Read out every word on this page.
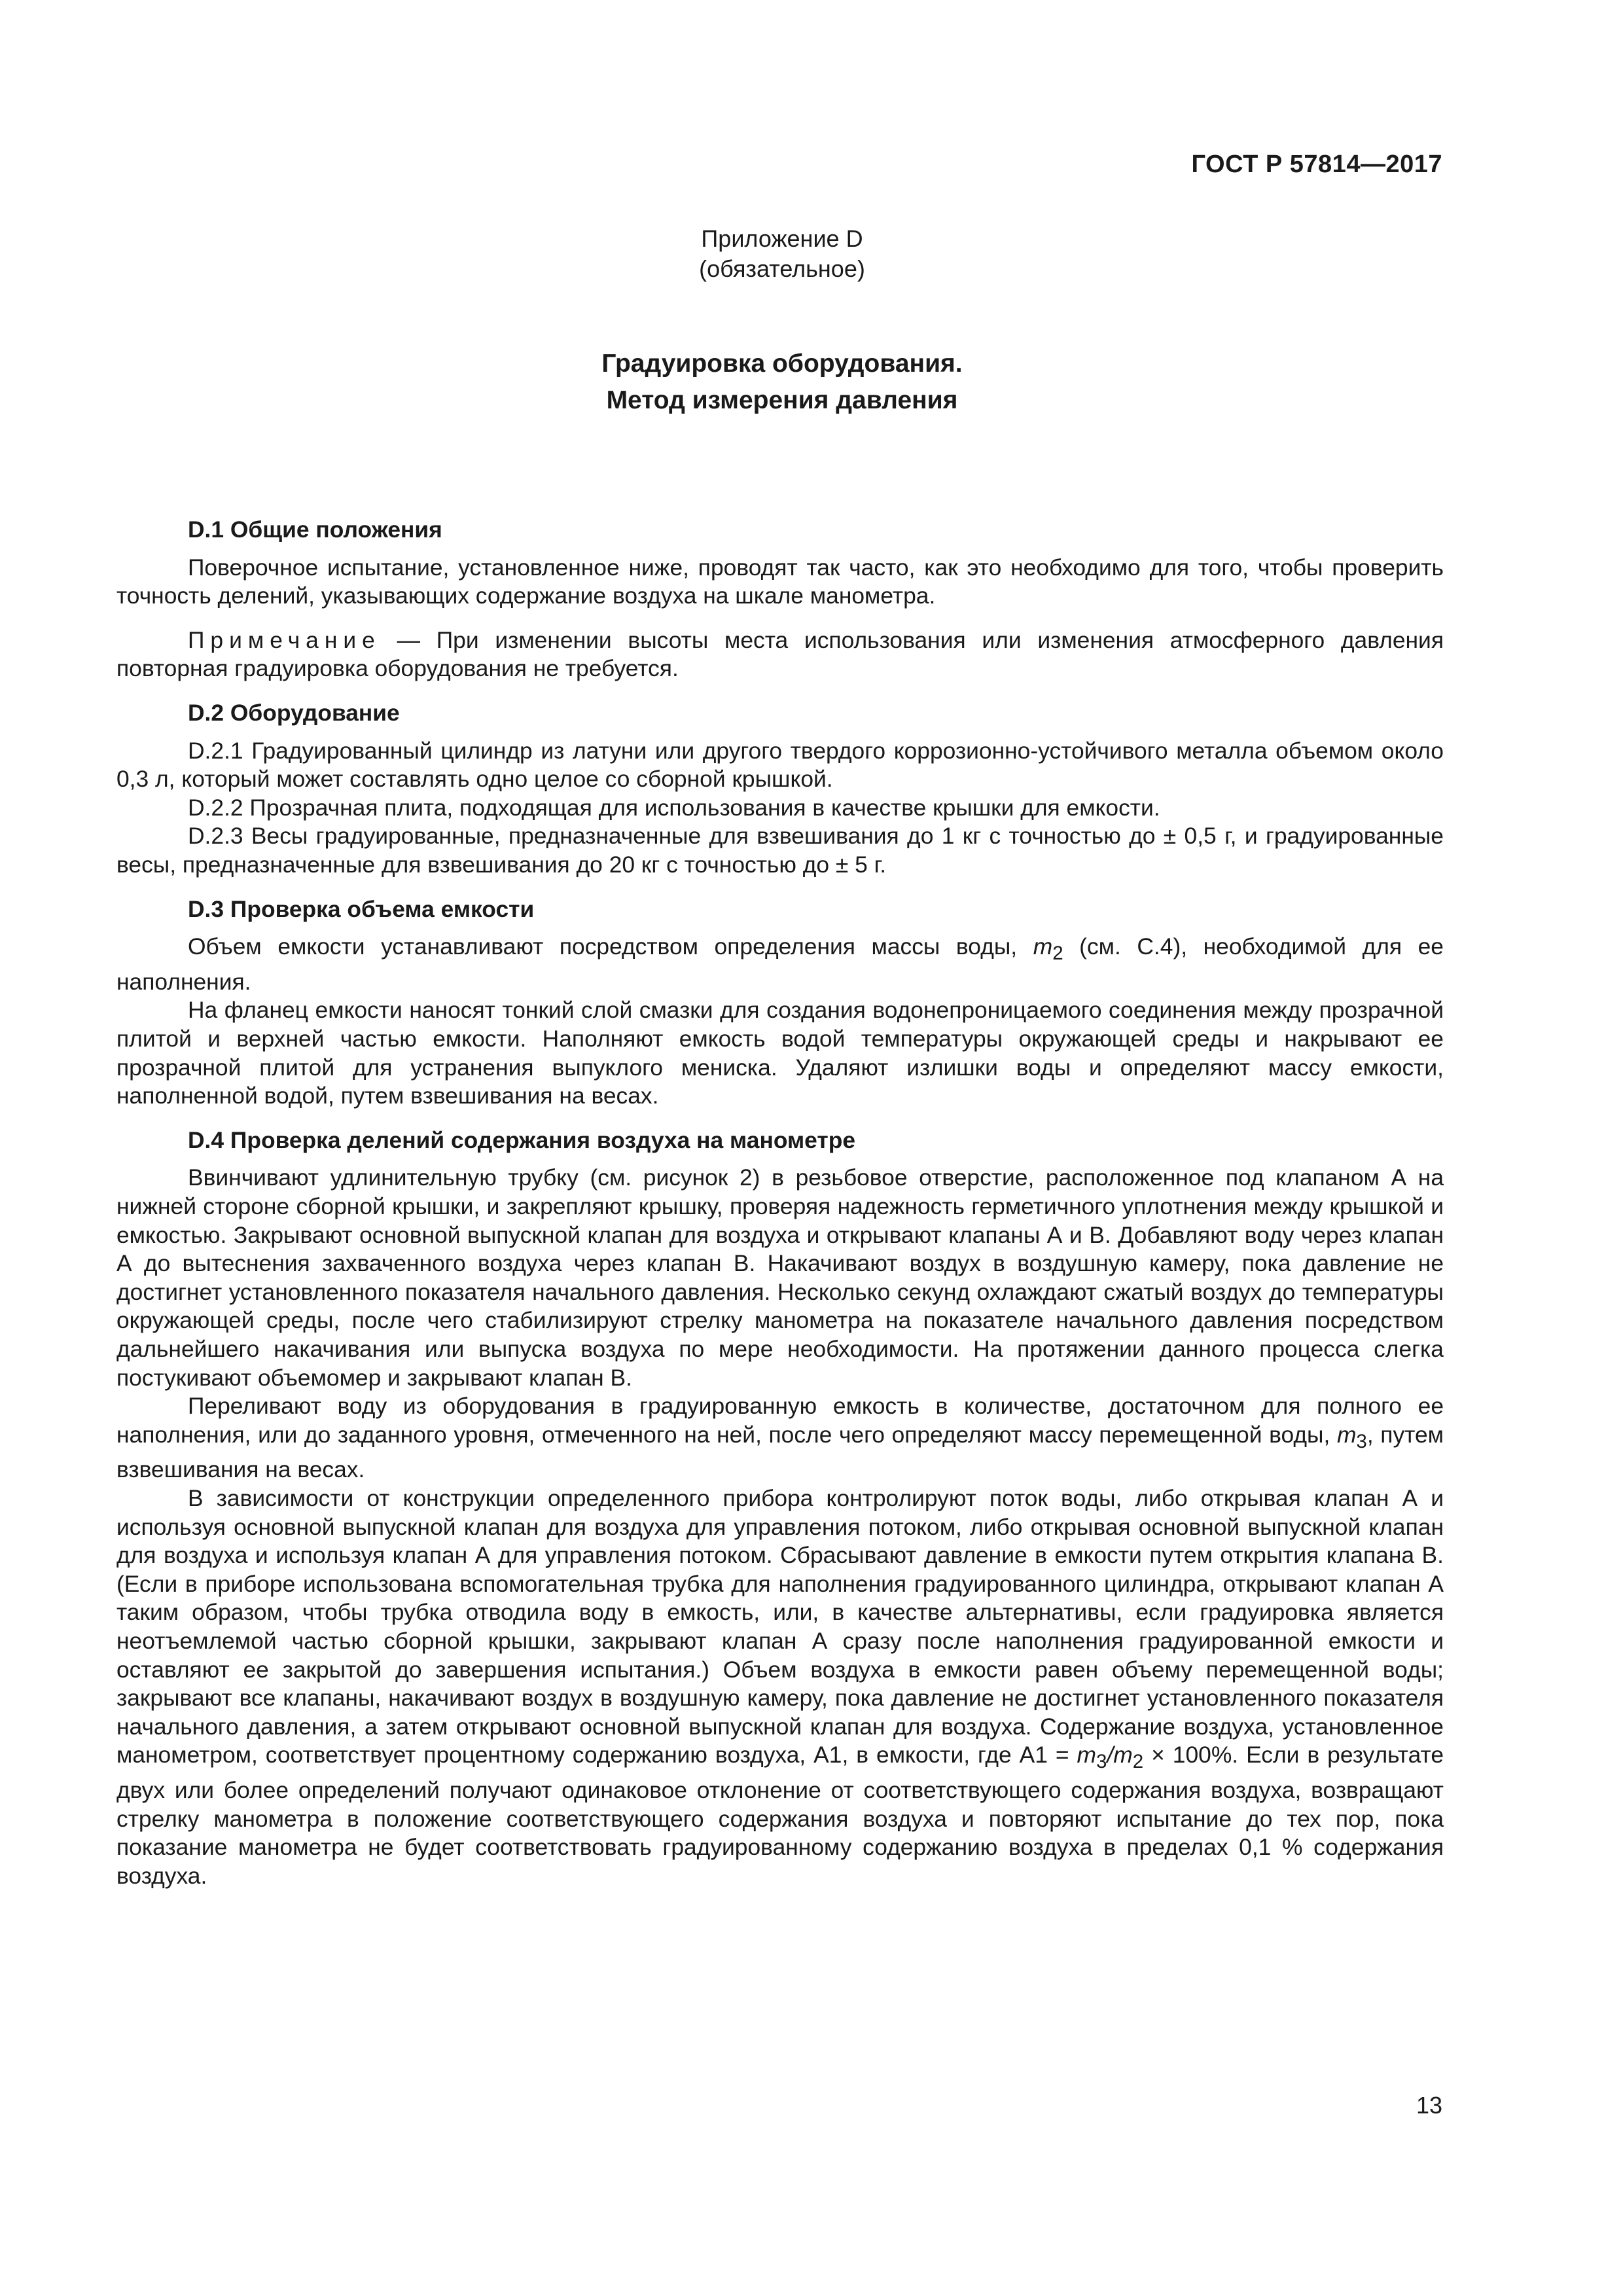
ГОСТ Р 57814—2017
Приложение D
(обязательное)
Градуировка оборудования.
Метод измерения давления
D.1 Общие положения

Поверочное испытание, установленное ниже, проводят так часто, как это необходимо для того, чтобы проверить точность делений, указывающих содержание воздуха на шкале манометра.

Примечание — При изменении высоты места использования или изменения атмосферного давления повторная градуировка оборудования не требуется.

D.2 Оборудование

D.2.1 Градуированный цилиндр из латуни или другого твердого коррозионно-устойчивого металла объемом около 0,3 л, который может составлять одно целое со сборной крышкой.

D.2.2 Прозрачная плита, подходящая для использования в качестве крышки для емкости.

D.2.3 Весы градуированные, предназначенные для взвешивания до 1 кг с точностью до ± 0,5 г, и градуированные весы, предназначенные для взвешивания до 20 кг с точностью до ± 5 г.

D.3 Проверка объема емкости

Объем емкости устанавливают посредством определения массы воды, $m_2$ (см. С.4), необходимой для ее наполнения.

На фланец емкости наносят тонкий слой смазки для создания водонепроницаемого соединения между прозрачной плитой и верхней частью емкости. Наполняют емкость водой температуры окружающей среды и накрывают ее прозрачной плитой для устранения выпуклого мениска. Удаляют излишки воды и определяют массу емкости, наполненной водой, путем взвешивания на весах.

D.4 Проверка делений содержания воздуха на манометре

Ввинчивают удлинительную трубку (см. рисунок 2) в резьбовое отверстие, расположенное под клапаном А на нижней стороне сборной крышки, и закрепляют крышку, проверяя надежность герметичного уплотнения между крышкой и емкостью. Закрывают основной выпускной клапан для воздуха и открывают клапаны А и В. Добавляют воду через клапан А до вытеснения захваченного воздуха через клапан В. Накачивают воздух в воздушную камеру, пока давление не достигнет установленного показателя начального давления. Несколько секунд охлаждают сжатый воздух до температуры окружающей среды, после чего стабилизируют стрелку манометра на показателе начального давления посредством дальнейшего накачивания или выпуска воздуха по мере необходимости. На протяжении данного процесса слегка постукивают объемомер и закрывают клапан В.

Переливают воду из оборудования в градуированную емкость в количестве, достаточном для полного ее наполнения, или до заданного уровня, отмеченного на ней, после чего определяют массу перемещенной воды, $m_3$, путем взвешивания на весах.

В зависимости от конструкции определенного прибора контролируют поток воды, либо открывая клапан А и используя основной выпускной клапан для воздуха для управления потоком, либо открывая основной выпускной клапан для воздуха и используя клапан А для управления потоком. Сбрасывают давление в емкости путем открытия клапана В. (Если в приборе использована вспомогательная трубка для наполнения градуированного цилиндра, открывают клапан А таким образом, чтобы трубка отводила воду в емкость, или, в качестве альтернативы, если градуировка является неотъемлемой частью сборной крышки, закрывают клапан А сразу после наполнения градуированной емкости и оставляют ее закрытой до завершения испытания.) Объем воздуха в емкости равен объему перемещенной воды; закрывают все клапаны, накачивают воздух в воздушную камеру, пока давление не достигнет установленного показателя начального давления, а затем открывают основной выпускной клапан для воздуха. Содержание воздуха, установленное манометром, соответствует процентному содержанию воздуха, А1, в емкости, где $А1 = m_3/m_2 \times 100\%$. Если в результате двух или более определений получают одинаковое отклонение от соответствующего содержания воздуха, возвращают стрелку манометра в положение соответствующего содержания воздуха и повторяют испытание до тех пор, пока показание манометра не будет соответствовать градуированному содержанию воздуха в пределах 0,1 % содержания воздуха.

13
